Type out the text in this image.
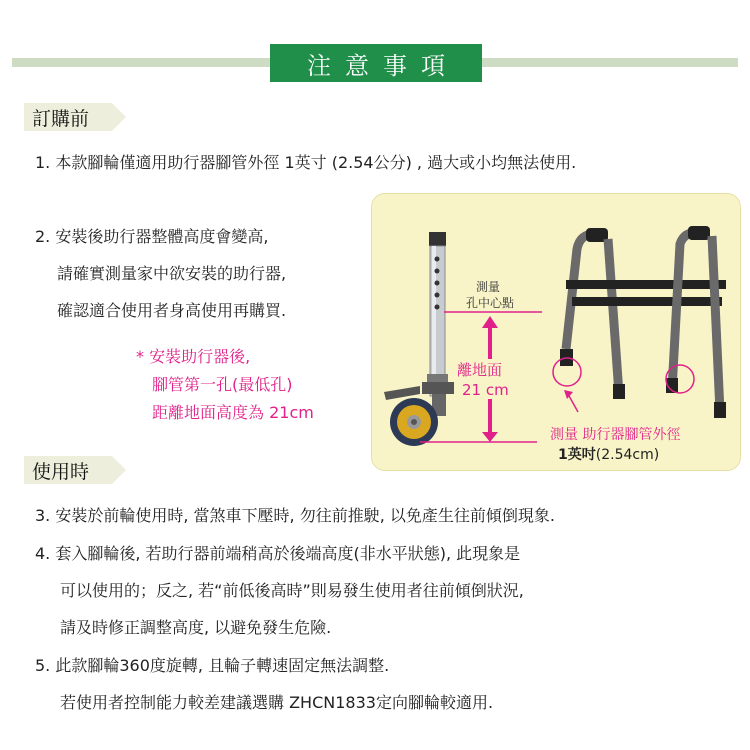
注意事項
訂購前
1. 本款腳輪僅適用助行器腳管外徑 1英寸 (2.54公分) , 過大或小均無法使用.
2. 安裝後助行器整體高度會變高,
請確實測量家中欲安裝的助行器,
確認適合使用者身高使用再購買.
* 安裝助行器後,
腳管第一孔(最低孔)
距離地面高度為 21cm
測量
孔中心點
離地面
21 cm
測量 助行器腳管外徑
1英吋(2.54cm)
使用時
3. 安裝於前輪使用時, 當煞車下壓時, 勿往前推駛, 以免產生往前傾倒現象.
4. 套入腳輪後, 若助行器前端稍高於後端高度(非水平狀態), 此現象是
可以使用的；反之, 若“前低後高時”則易發生使用者往前傾倒狀況,
請及時修正調整高度, 以避免發生危險.
5. 此款腳輪360度旋轉, 且輪子轉速固定無法調整.
若使用者控制能力較差建議選購 ZHCN1833定向腳輪較適用.
